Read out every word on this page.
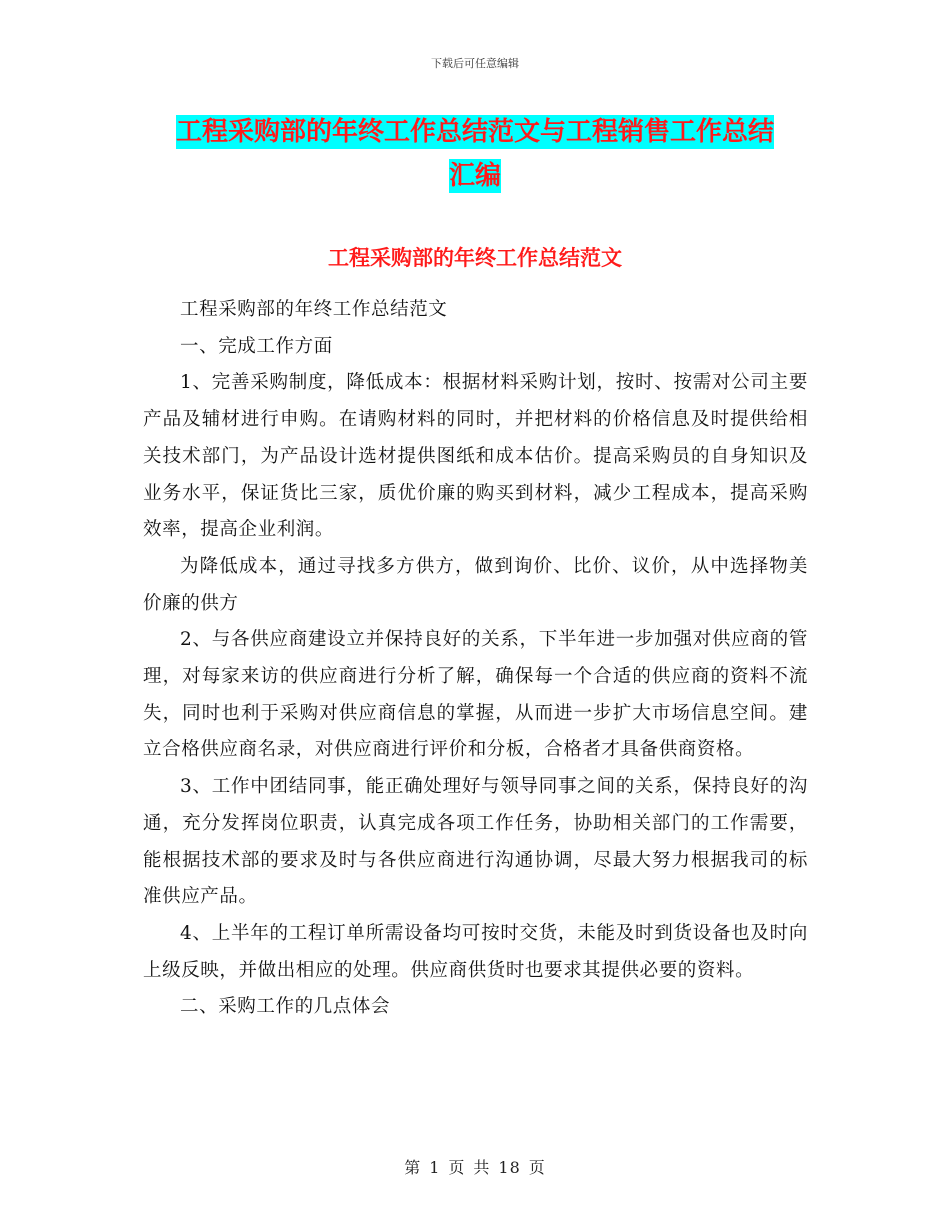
下载后可任意编辑
工程采购部的年终工作总结范文与工程销售工作总结
汇编
工程采购部的年终工作总结范文

工程采购部的年终工作总结范文

一、完成工作方面

1、完善采购制度，降低成本：根据材料采购计划，按时、按需对公司主要产品及辅材进行申购。在请购材料的同时，并把材料的价格信息及时提供给相关技术部门，为产品设计选材提供图纸和成本估价。提高采购员的自身知识及业务水平，保证货比三家，质优价廉的购买到材料，减少工程成本，提高采购效率，提高企业利润。

为降低成本，通过寻找多方供方，做到询价、比价、议价，从中选择物美价廉的供方

2、与各供应商建设立并保持良好的关系，下半年进一步加强对供应商的管理，对每家来访的供应商进行分析了解，确保每一个合适的供应商的资料不流失，同时也利于采购对供应商信息的掌握，从而进一步扩大市场信息空间。建立合格供应商名录，对供应商进行评价和分板，合格者才具备供商资格。

3、工作中团结同事，能正确处理好与领导同事之间的关系，保持良好的沟通，充分发挥岗位职责，认真完成各项工作任务，协助相关部门的工作需要，能根据技术部的要求及时与各供应商进行沟通协调，尽最大努力根据我司的标准供应产品。

4、上半年的工程订单所需设备均可按时交货，未能及时到货设备也及时向上级反映，并做出相应的处理。供应商供货时也要求其提供必要的资料。

二、采购工作的几点体会

第 1 页 共 18 页
